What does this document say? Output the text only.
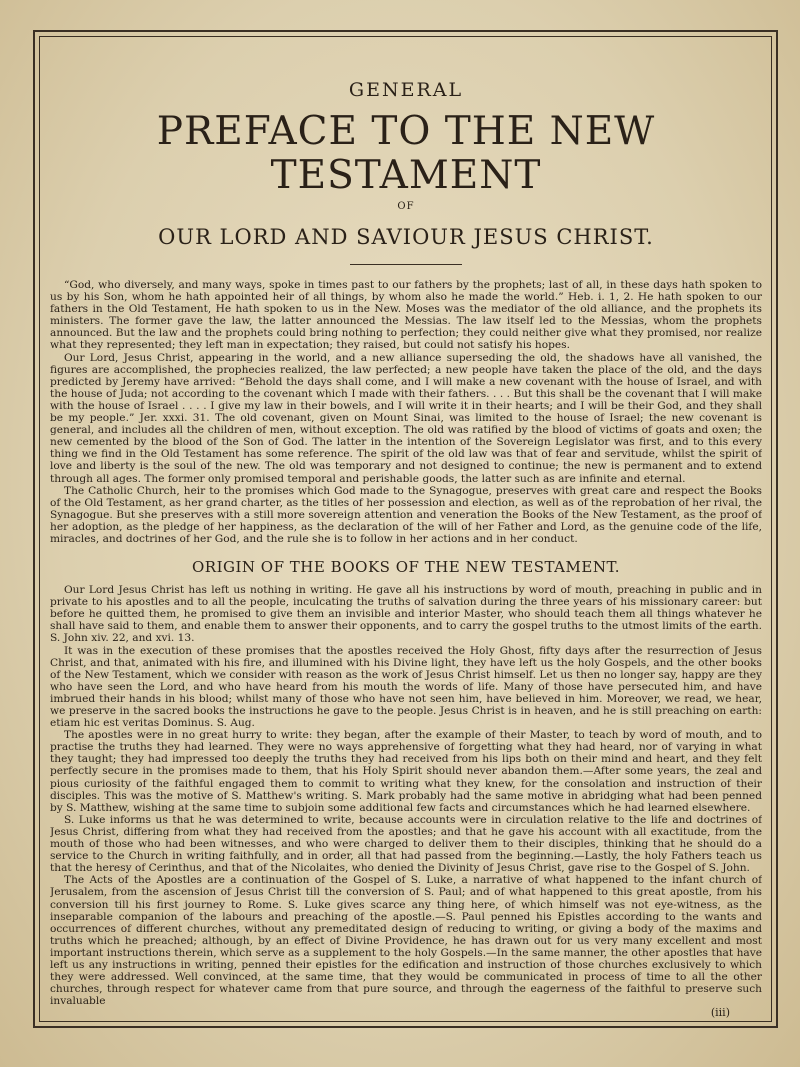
GENERAL
PREFACE TO THE NEW TESTAMENT
OF
OUR LORD AND SAVIOUR JESUS CHRIST.

“God, who diversely, and many ways, spoke in times past to our fathers by the prophets; last of all, in these days hath spoken to us by his Son, whom he hath appointed heir of all things, by whom also he made the world.” Heb. i. 1, 2. He hath spoken to our fathers in the Old Testament, He hath spoken to us in the New. Moses was the mediator of the old alliance, and the prophets its ministers. The former gave the law, the latter announced the Messias. The law itself led to the Messias, whom the prophets announced. But the law and the prophets could bring nothing to perfection; they could neither give what they promised, nor realize what they represented; they left man in expectation; they raised, but could not satisfy his hopes.

Our Lord, Jesus Christ, appearing in the world, and a new alliance superseding the old, the shadows have all vanished, the figures are accomplished, the prophecies realized, the law perfected; a new people have taken the place of the old, and the days predicted by Jeremy have arrived: “Behold the days shall come, and I will make a new covenant with the house of Israel, and with the house of Juda; not according to the covenant which I made with their fathers. . . . But this shall be the covenant that I will make with the house of Israel . . . . I give my law in their bowels, and I will write it in their hearts; and I will be their God, and they shall be my people.” Jer. xxxi. 31. The old covenant, given on Mount Sinai, was limited to the house of Israel; the new covenant is general, and includes all the children of men, without exception. The old was ratified by the blood of victims of goats and oxen; the new cemented by the blood of the Son of God. The latter in the intention of the Sovereign Legislator was first, and to this every thing we find in the Old Testament has some reference. The spirit of the old law was that of fear and servitude, whilst the spirit of love and liberty is the soul of the new. The old was temporary and not designed to continue; the new is permanent and to extend through all ages. The former only promised temporal and perishable goods, the latter such as are infinite and eternal.

The Catholic Church, heir to the promises which God made to the Synagogue, preserves with great care and respect the Books of the Old Testament, as her grand charter, as the titles of her possession and election, as well as of the reprobation of her rival, the Synagogue. But she preserves with a still more sovereign attention and veneration the Books of the New Testament, as the proof of her adoption, as the pledge of her happiness, as the declaration of the will of her Father and Lord, as the genuine code of the life, miracles, and doctrines of her God, and the rule she is to follow in her actions and in her conduct.

ORIGIN OF THE BOOKS OF THE NEW TESTAMENT.

Our Lord Jesus Christ has left us nothing in writing. He gave all his instructions by word of mouth, preaching in public and in private to his apostles and to all the people, inculcating the truths of salvation during the three years of his missionary career: but before he quitted them, he promised to give them an invisible and interior Master, who should teach them all things whatever he shall have said to them, and enable them to answer their opponents, and to carry the gospel truths to the utmost limits of the earth. S. John xiv. 22, and xvi. 13.

It was in the execution of these promises that the apostles received the Holy Ghost, fifty days after the resurrection of Jesus Christ, and that, animated with his fire, and illumined with his Divine light, they have left us the holy Gospels, and the other books of the New Testament, which we consider with reason as the work of Jesus Christ himself. Let us then no longer say, happy are they who have seen the Lord, and who have heard from his mouth the words of life. Many of those have persecuted him, and have imbrued their hands in his blood; whilst many of those who have not seen him, have believed in him. Moreover, we read, we hear, we preserve in the sacred books the instructions he gave to the people. Jesus Christ is in heaven, and he is still preaching on earth: etiam hic est veritas Dominus. S. Aug.

The apostles were in no great hurry to write: they began, after the example of their Master, to teach by word of mouth, and to practise the truths they had learned. They were no ways apprehensive of forgetting what they had heard, nor of varying in what they taught; they had impressed too deeply the truths they had received from his lips both on their mind and heart, and they felt perfectly secure in the promises made to them, that his Holy Spirit should never abandon them.—After some years, the zeal and pious curiosity of the faithful engaged them to commit to writing what they knew, for the consolation and instruction of their disciples. This was the motive of S. Matthew's writing. S. Mark probably had the same motive in abridging what had been penned by S. Matthew, wishing at the same time to subjoin some additional few facts and circumstances which he had learned elsewhere.

S. Luke informs us that he was determined to write, because accounts were in circulation relative to the life and doctrines of Jesus Christ, differing from what they had received from the apostles; and that he gave his account with all exactitude, from the mouth of those who had been witnesses, and who were charged to deliver them to their disciples, thinking that he should do a service to the Church in writing faithfully, and in order, all that had passed from the beginning.—Lastly, the holy Fathers teach us that the heresy of Cerinthus, and that of the Nicolaites, who denied the Divinity of Jesus Christ, gave rise to the Gospel of S. John.

The Acts of the Apostles are a continuation of the Gospel of S. Luke, a narrative of what happened to the infant church of Jerusalem, from the ascension of Jesus Christ till the conversion of S. Paul; and of what happened to this great apostle, from his conversion till his first journey to Rome. S. Luke gives scarce any thing here, of which himself was not eye-witness, as the inseparable companion of the labours and preaching of the apostle.—S. Paul penned his Epistles according to the wants and occurrences of different churches, without any premeditated design of reducing to writing, or giving a body of the maxims and truths which he preached; although, by an effect of Divine Providence, he has drawn out for us very many excellent and most important instructions therein, which serve as a supplement to the holy Gospels.—In the same manner, the other apostles that have left us any instructions in writing, penned their epistles for the edification and instruction of those churches exclusively to which they were addressed. Well convinced, at the same time, that they would be communicated in process of time to all the other churches, through respect for whatever came from that pure source, and through the eagerness of the faithful to preserve such invaluable

(iii)
